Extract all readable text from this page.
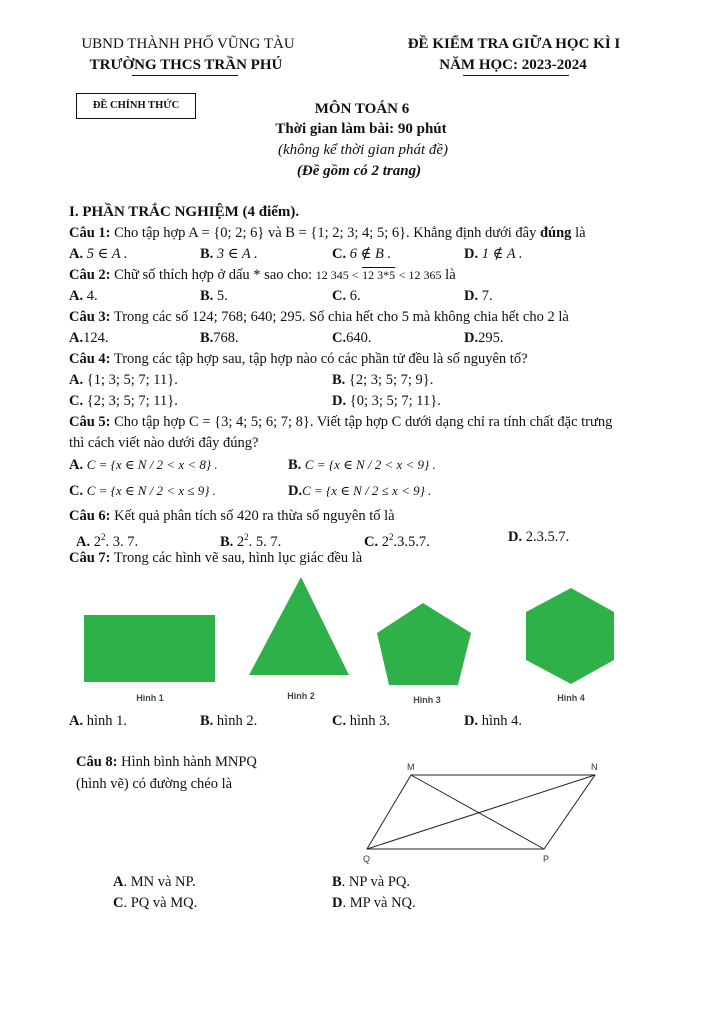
UBND THÀNH PHỐ VŨNG TÀU
TRƯỜNG THCS TRẦN PHÚ
ĐỀ KIỂM TRA GIỮA HỌC KÌ I
NĂM HỌC: 2023-2024
ĐỀ CHÍNH THỨC	MÔN TOÁN 6
Thời gian làm bài: 90 phút
(không kể thời gian phát đề)
(Đề gồm có 2 trang)
I. PHẦN TRẮC NGHIỆM (4 điểm).
Câu 1: Cho tập hợp A = {0; 2; 6} và B = {1; 2; 3; 4; 5; 6}. Khẳng định dưới đây đúng là
A. 5 ∈ A .	B. 3 ∈ A .	C. 6 ∉ B .	D. 1 ∉ A .
Câu 2: Chữ số thích hợp ở dấu * sao cho: 12 345 < 12 3*5 < 12 365 là
A. 4.	B. 5.	C. 6.	D. 7.
Câu 3: Trong các số 124; 768; 640; 295. Số chia hết cho 5 mà không chia hết cho 2 là
A.124.	B.768.	C.640.	D.295.
Câu 4: Trong các tập hợp sau, tập hợp nào có các phần tử đều là số nguyên tố?
A. {1; 3; 5; 7; 11}.	B. {2; 3; 5; 7; 9}.
C. {2; 3; 5; 7; 11}.	D. {0; 3; 5; 7; 11}.
Câu 5: Cho tập hợp C = {3; 4; 5; 6; 7; 8}. Viết tập hợp C dưới dạng chỉ ra tính chất đặc trưng
thì cách viết nào dưới đây đúng?
A. C = {x ∈ N / 2 < x < 8} .	B. C = {x ∈ N / 2 < x < 9} .
C. C = {x ∈ N / 2 < x ≤ 9} .	D.C = {x ∈ N / 2 ≤ x < 9} .
Câu 6: Kết quả phân tích số 420 ra thừa số nguyên tố là
A. $2^2$. 3. 7.	B. $2^2$. 5. 7.	C. $2^2.3.5.7$.	D. 2.3.5.7.
Câu 7: Trong các hình vẽ sau, hình lục giác đều là
Hình 1	Hình 2	Hình 3	Hình 4
A. hình 1.	B. hình 2.	C. hình 3.	D. hình 4.
Câu 8: Hình bình hành MNPQ
(hình vẽ) có đường chéo là
M	N
P
Q
A. MN và NP.	B. NP và PQ.
C. PQ và MQ.	D. MP và NQ.
